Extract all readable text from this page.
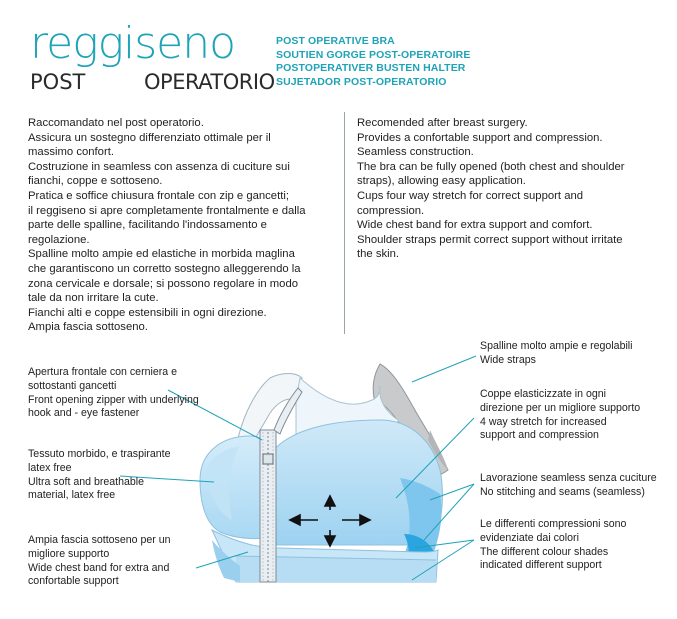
reggiseno
POST	OPERATORIO
POST OPERATIVE BRA
SOUTIEN GORGE POST-OPERATOIRE
POSTOPERATIVER BUSTEN HALTER
SUJETADOR POST-OPERATORIO
Raccomandato nel post operatorio.
Assicura un sostegno differenziato ottimale per il
massimo confort.
Costruzione in seamless con assenza di cuciture sui
fianchi, coppe e sottoseno.
Pratica e soffice chiusura frontale con zip e gancetti;
il reggiseno si apre completamente frontalmente e dalla
parte delle spalline, facilitando l'indossamento e
regolazione.
Spalline molto ampie ed elastiche in morbida maglina
che garantiscono un corretto sostegno alleggerendo la
zona cervicale e dorsale; si possono regolare in modo
tale da non irritare la cute.
Fianchi alti e coppe estensibili in ogni direzione.
Ampia fascia sottoseno.
Recomended after breast surgery.
Provides a confortable support and compression.
Seamless construction.
The bra can be fully opened (both chest and shoulder
straps), allowing easy application.
Cups four way stretch for correct support and
compression.
Wide chest band for extra support and comfort.
Shoulder straps permit correct support without irritate
the skin.
Apertura frontale con cerniera e
sottostanti gancetti
Front opening zipper with underlying
hook and - eye fastener
Tessuto morbido, e traspirante
latex free
Ultra soft and breathable
material, latex free
Ampia fascia sottoseno per un
migliore supporto
Wide chest band for extra and
confortable support
Spalline molto ampie e regolabili
Wide straps
Coppe elasticizzate in ogni
direzione per un migliore supporto
4 way stretch for increased
support and compression
Lavorazione seamless senza cuciture
No stitching and seams (seamless)
Le differenti compressioni sono
evidenziate dai colori
The different colour shades
indicated different support
